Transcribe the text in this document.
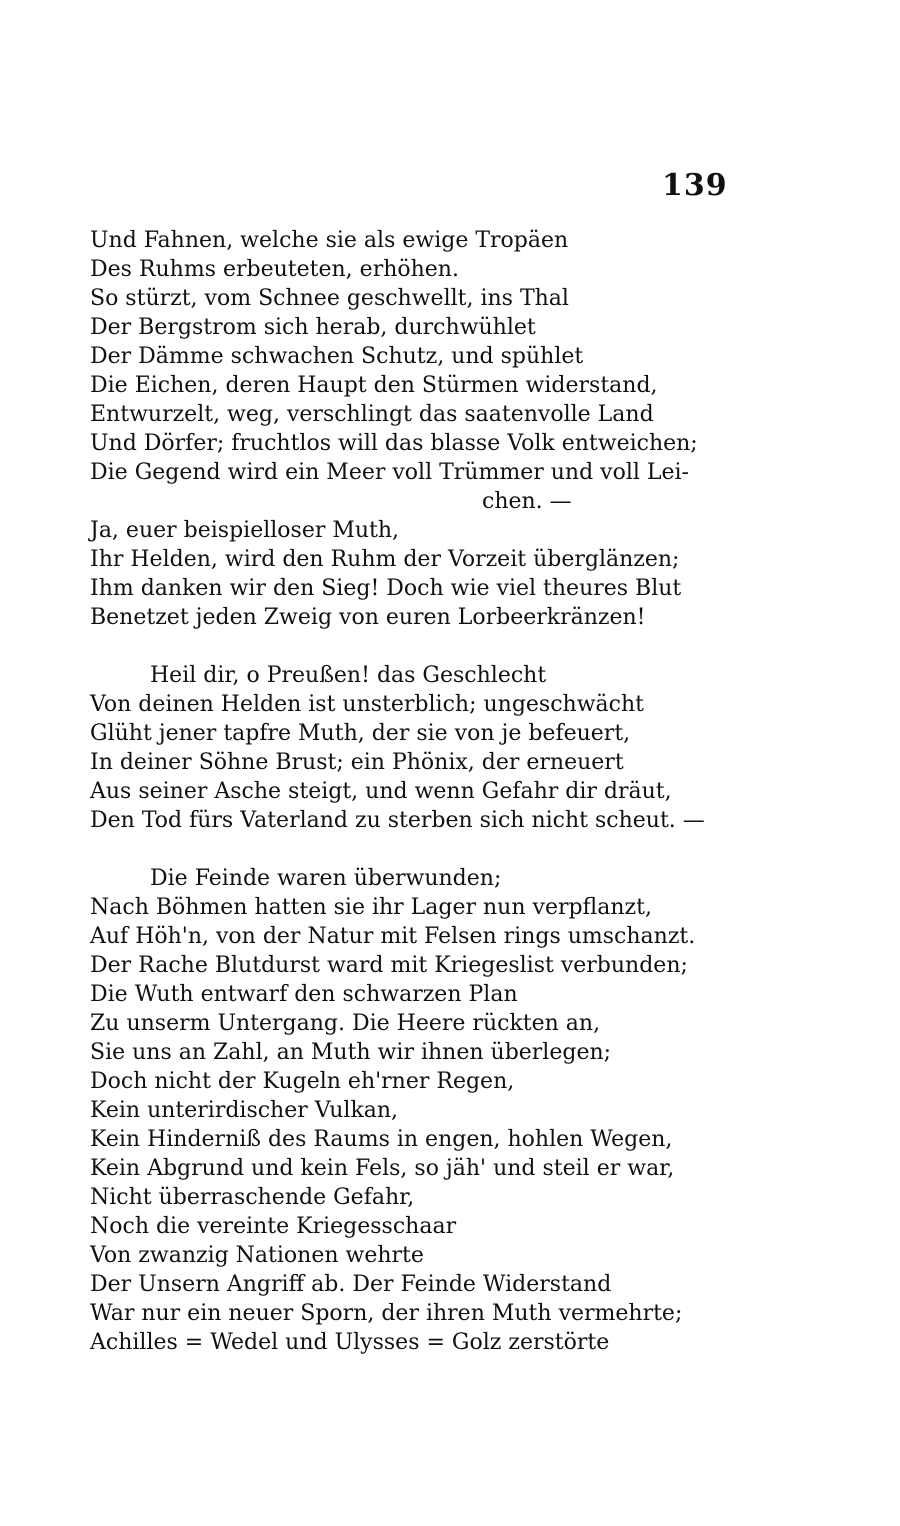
139
Und Fahnen, welche sie als ewige Tropäen
Des Ruhms erbeuteten, erhöhen.
So stürzt, vom Schnee geschwellt, ins Thal
Der Bergstrom sich herab, durchwühlet
Der Dämme schwachen Schutz, und spühlet
Die Eichen, deren Haupt den Stürmen widerstand,
Entwurzelt, weg, verschlingt das saatenvolle Land
Und Dörfer; fruchtlos will das blasse Volk entweichen;
Die Gegend wird ein Meer voll Trümmer und voll Lei-
chen. —
Ja, euer beispielloser Muth,
Ihr Helden, wird den Ruhm der Vorzeit überglänzen;
Ihm danken wir den Sieg! Doch wie viel theures Blut
Benetzet jeden Zweig von euren Lorbeerkränzen!
Heil dir, o Preußen! das Geschlecht
Von deinen Helden ist unsterblich; ungeschwächt
Glüht jener tapfre Muth, der sie von je befeuert,
In deiner Söhne Brust; ein Phönix, der erneuert
Aus seiner Asche steigt, und wenn Gefahr dir dräut,
Den Tod fürs Vaterland zu sterben sich nicht scheut. —
Die Feinde waren überwunden;
Nach Böhmen hatten sie ihr Lager nun verpflanzt,
Auf Höh'n, von der Natur mit Felsen rings umschanzt.
Der Rache Blutdurst ward mit Kriegeslist verbunden;
Die Wuth entwarf den schwarzen Plan
Zu unserm Untergang. Die Heere rückten an,
Sie uns an Zahl, an Muth wir ihnen überlegen;
Doch nicht der Kugeln eh'rner Regen,
Kein unterirdischer Vulkan,
Kein Hinderniß des Raums in engen, hohlen Wegen,
Kein Abgrund und kein Fels, so jäh' und steil er war,
Nicht überraschende Gefahr,
Noch die vereinte Kriegesschaar
Von zwanzig Nationen wehrte
Der Unsern Angriff ab. Der Feinde Widerstand
War nur ein neuer Sporn, der ihren Muth vermehrte;
Achilles = Wedel und Ulysses = Golz zerstörte
